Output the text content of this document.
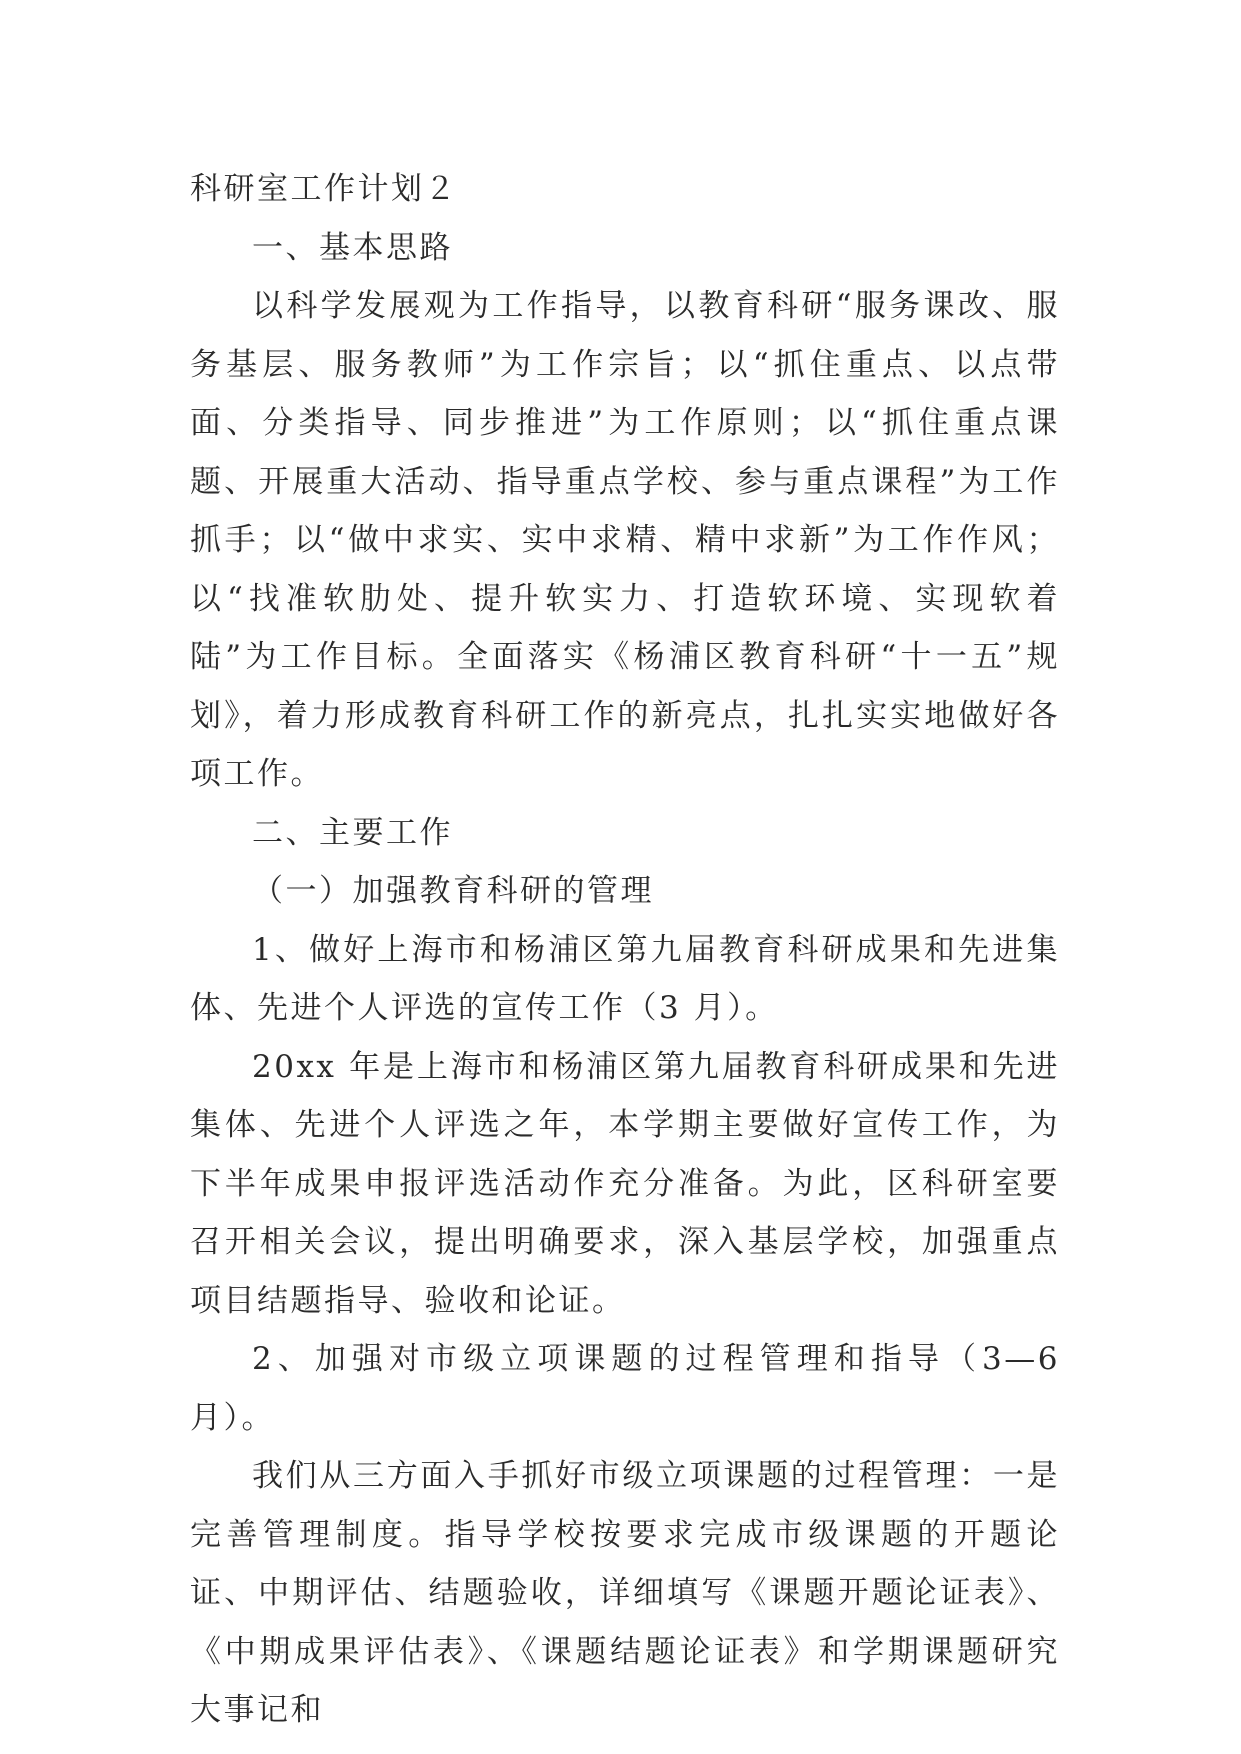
科研室工作计划２

一、基本思路

以科学发展观为工作指导，以教育科研“服务课改、服务基层、服务教师”为工作宗旨；以“抓住重点、以点带面、分类指导、同步推进”为工作原则；以“抓住重点课题、开展重大活动、指导重点学校、参与重点课程”为工作抓手；以“做中求实、实中求精、精中求新”为工作作风；以“找准软肋处、提升软实力、打造软环境、实现软着陆”为工作目标。全面落实《杨浦区教育科研“十一五”规划》，着力形成教育科研工作的新亮点，扎扎实实地做好各项工作。

二、主要工作

（一）加强教育科研的管理

1、做好上海市和杨浦区第九届教育科研成果和先进集体、先进个人评选的宣传工作（3 月）。

20xx 年是上海市和杨浦区第九届教育科研成果和先进集体、先进个人评选之年，本学期主要做好宣传工作，为下半年成果申报评选活动作充分准备。为此，区科研室要召开相关会议，提出明确要求，深入基层学校，加强重点项目结题指导、验收和论证。

2、加强对市级立项课题的过程管理和指导（3—6 月）。

我们从三方面入手抓好市级立项课题的过程管理：一是完善管理制度。指导学校按要求完成市级课题的开题论证、中期评估、结题验收，详细填写《课题开题论证表》、《中期成果评估表》、《课题结题论证表》和学期课题研究大事记和
